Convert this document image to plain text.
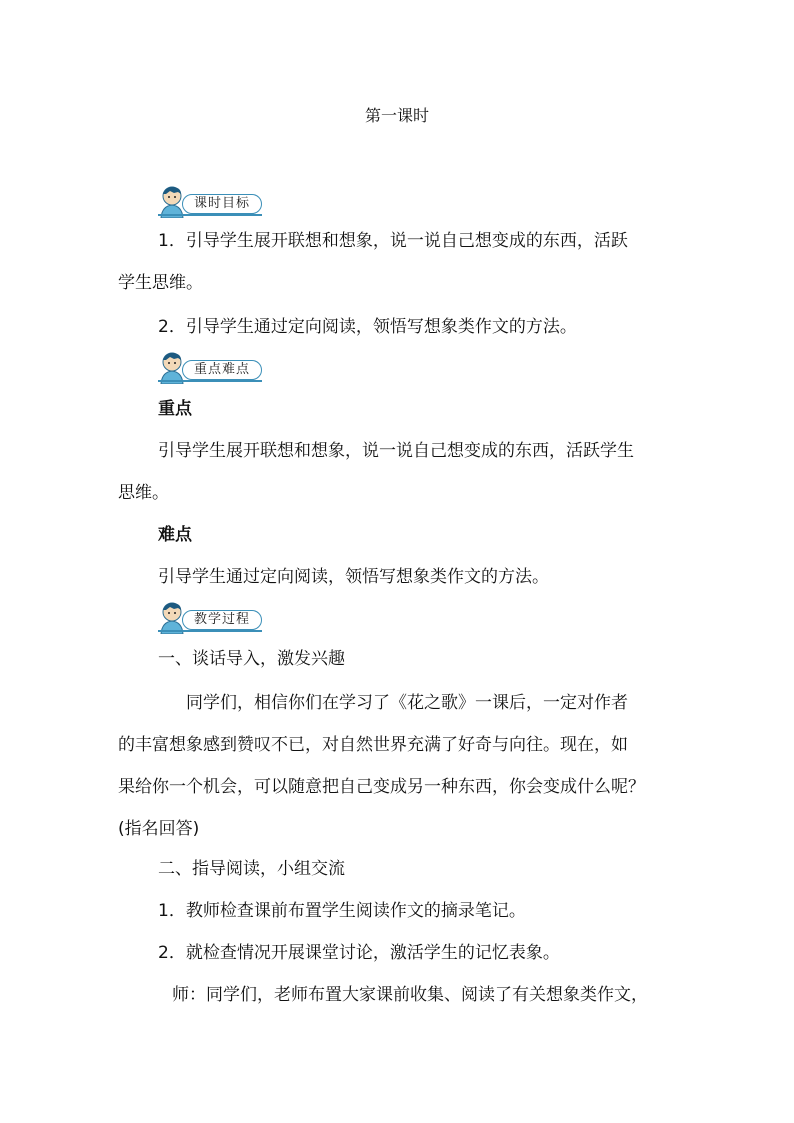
第一课时
课时目标
1．引导学生展开联想和想象，说一说自己想变成的东西，活跃
学生思维。
2．引导学生通过定向阅读，领悟写想象类作文的方法。
重点难点
重点
引导学生展开联想和想象，说一说自己想变成的东西，活跃学生
思维。
难点
引导学生通过定向阅读，领悟写想象类作文的方法。
教学过程
一、谈话导入，激发兴趣
同学们，相信你们在学习了《花之歌》一课后，一定对作者
的丰富想象感到赞叹不已，对自然世界充满了好奇与向往。现在，如
果给你一个机会，可以随意把自己变成另一种东西，你会变成什么呢？
(指名回答)
二、指导阅读，小组交流
1．教师检查课前布置学生阅读作文的摘录笔记。
2．就检查情况开展课堂讨论，激活学生的记忆表象。
师：同学们，老师布置大家课前收集、阅读了有关想象类作文，
